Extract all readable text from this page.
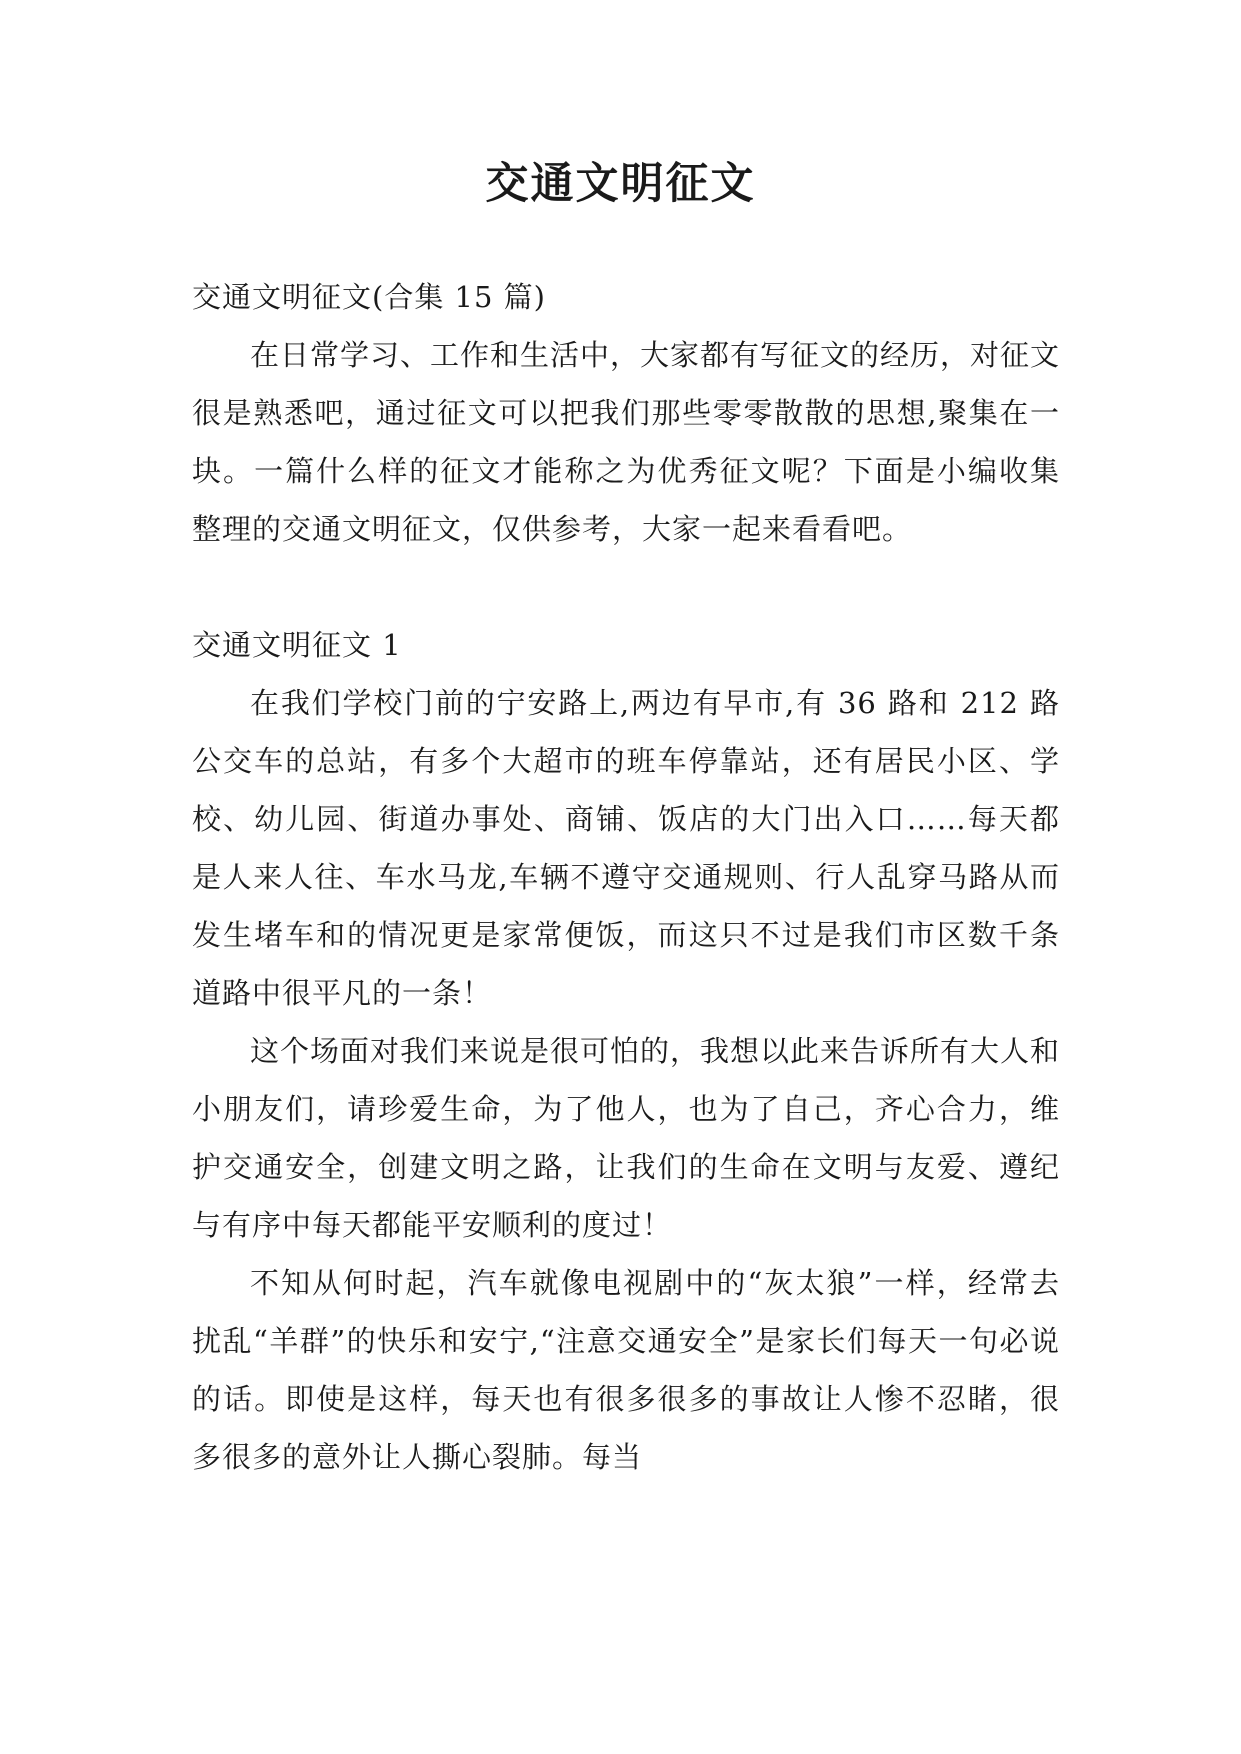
交通文明征文

交通文明征文(合集 15 篇)

在日常学习、工作和生活中，大家都有写征文的经历，对征文很是熟悉吧，通过征文可以把我们那些零零散散的思想,聚集在一块。一篇什么样的征文才能称之为优秀征文呢？下面是小编收集整理的交通文明征文，仅供参考，大家一起来看看吧。

交通文明征文 1

在我们学校门前的宁安路上,两边有早市,有 36 路和 212 路公交车的总站，有多个大超市的班车停靠站，还有居民小区、学校、幼儿园、街道办事处、商铺、饭店的大门出入口……每天都是人来人往、车水马龙,车辆不遵守交通规则、行人乱穿马路从而发生堵车和的情况更是家常便饭，而这只不过是我们市区数千条道路中很平凡的一条！

这个场面对我们来说是很可怕的，我想以此来告诉所有大人和小朋友们，请珍爱生命，为了他人，也为了自己，齐心合力，维护交通安全，创建文明之路，让我们的生命在文明与友爱、遵纪与有序中每天都能平安顺利的度过！

不知从何时起，汽车就像电视剧中的“灰太狼”一样，经常去扰乱“羊群”的快乐和安宁,“注意交通安全”是家长们每天一句必说的话。即使是这样，每天也有很多很多的事故让人惨不忍睹，很多很多的意外让人撕心裂肺。每当
